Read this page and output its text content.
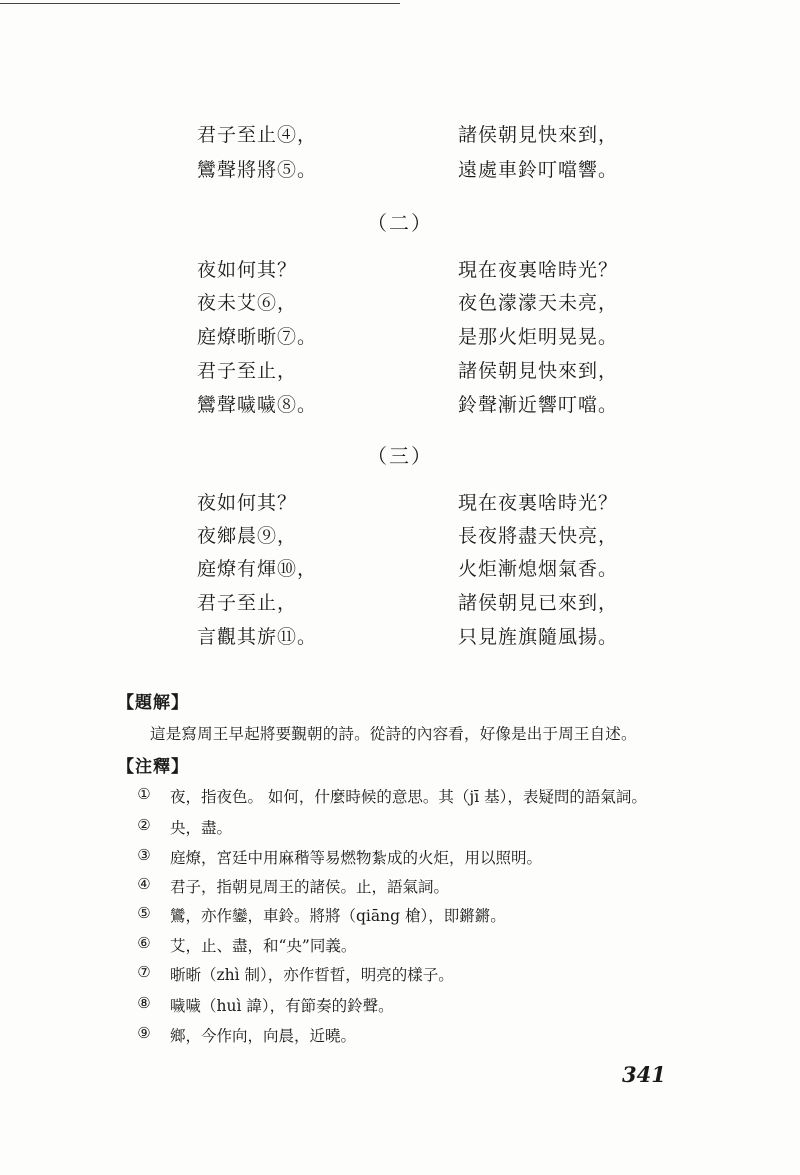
君子至止④，	諸侯朝見快來到，
鸞聲將將⑤。	遠處車鈴叮噹響。
（二）
夜如何其？	現在夜裏啥時光？
夜未艾⑥，	夜色濛濛天未亮，
庭燎晣晣⑦。	是那火炬明晃晃。
君子至止，	諸侯朝見快來到，
鸞聲噦噦⑧。	鈴聲漸近響叮噹。
（三）
夜如何其？	現在夜裏啥時光？
夜鄉晨⑨，	長夜將盡天快亮，
庭燎有煇⑩，	火炬漸熄烟氣香。
君子至止，	諸侯朝見已來到，
言觀其旂⑪。	只見旌旗隨風揚。
【題解】
這是寫周王早起將要覲朝的詩。從詩的內容看，好像是出于周王自述。
【注釋】
① 夜，指夜色。 如何，什麼時候的意思。其（jī 基），表疑問的語氣詞。
② 央，盡。
③ 庭燎，宮廷中用麻稭等易燃物紮成的火炬，用以照明。
④ 君子，指朝見周王的諸侯。止，語氣詞。
⑤ 鸞，亦作鑾，車鈴。將將（qiāng 槍），即鏘鏘。
⑥ 艾，止、盡，和“央”同義。
⑦ 晣晣（zhì 制），亦作晢晢，明亮的樣子。
⑧ 噦噦（huì 諱），有節奏的鈴聲。
⑨ 鄉，今作向，向晨，近曉。
341
